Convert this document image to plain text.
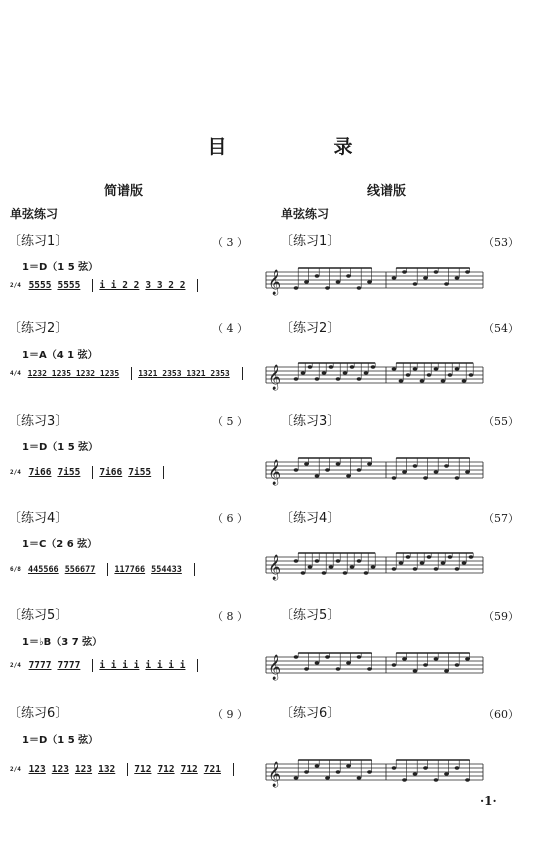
目　录
简谱版
单弦练习
线谱版
单弦练习
〔练习1〕	（ 3 ）
1＝D（1 5 弦）
2/4 5555 5555 i i 2 2 3 3 2 2
〔练习2〕	（ 4 ）
1＝A（4 1 弦）
4/4 1232 1235 1232 1235 1321 2353 1321 2353
〔练习3〕	（ 5 ）
1＝D（1 5 弦）
2/4 7i66 7i55 7i66 7i55
〔练习4〕	（ 6 ）
1＝C（2 6 弦）
6/8 445566 556677 117766 554433
〔练习5〕	（ 8 ）
1＝♭B（3 7 弦）
2/4 7777 7777 i i i i i i i i
〔练习6〕	（ 9 ）
1＝D（1 5 弦）
2/4 123 123 123 132 712 712 712 721
〔练习1〕	（53）
𝄞
〔练习2〕	（54）
𝄞
〔练习3〕	（55）
𝄞
〔练习4〕	（57）
𝄞
〔练习5〕	（59）
𝄞
〔练习6〕	（60）
𝄞
·1·
